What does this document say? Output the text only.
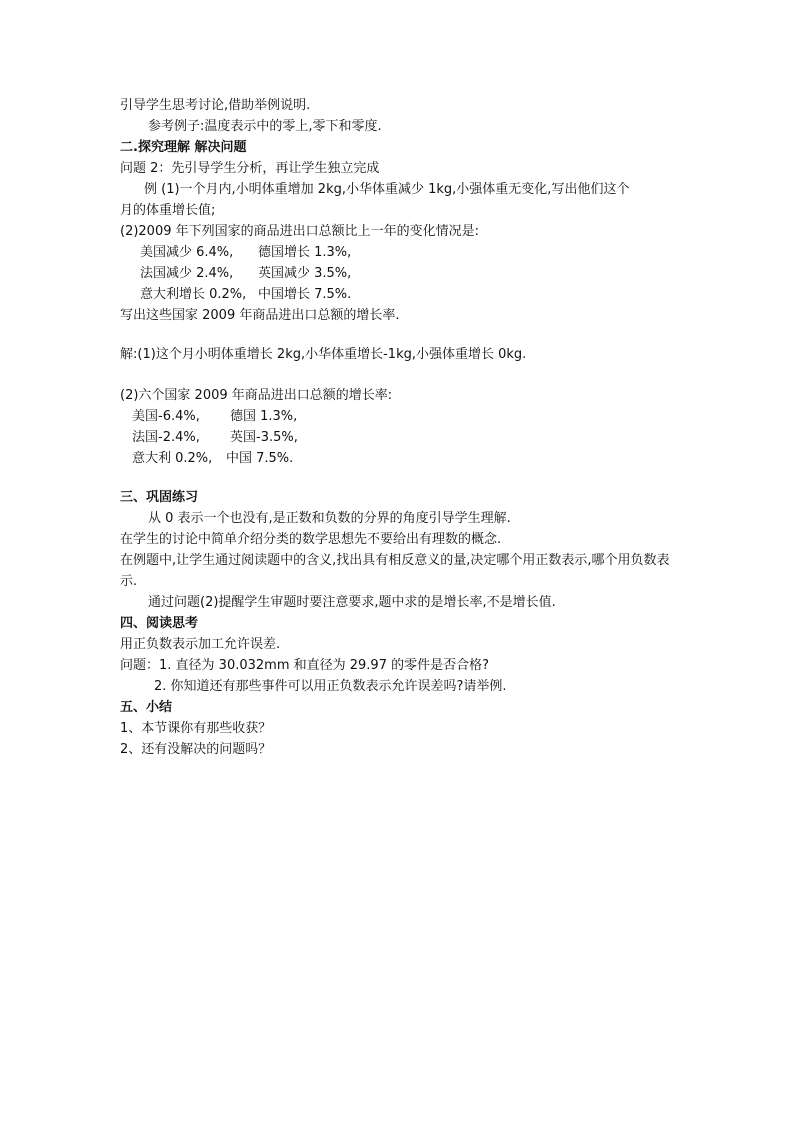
引导学生思考讨论,借助举例说明.
参考例子:温度表示中的零上,零下和零度.
二.探究理解 解决问题
问题 2：先引导学生分析，再让学生独立完成
例 (1)一个月内,小明体重增加 2kg,小华体重减少 1kg,小强体重无变化,写出他们这个
月的体重增长值;
(2)2009 年下列国家的商品进出口总额比上一年的变化情况是:
美国减少 6.4%, 德国增长 1.3%,
法国减少 2.4%, 英国减少 3.5%,
意大利增长 0.2%, 中国增长 7.5%.
写出这些国家 2009 年商品进出口总额的增长率.
解:(1)这个月小明体重增长 2kg,小华体重增长-1kg,小强体重增长 0kg.
(2)六个国家 2009 年商品进出口总额的增长率:
美国-6.4%, 德国 1.3%,
法国-2.4%, 英国-3.5%,
意大利 0.2%, 中国 7.5%.
三、巩固练习
从 0 表示一个也没有,是正数和负数的分界的角度引导学生理解.
在学生的讨论中简单介绍分类的数学思想先不要给出有理数的概念.
在例题中,让学生通过阅读题中的含义,找出具有相反意义的量,决定哪个用正数表示,哪个用负数表示.
通过问题(2)提醒学生审题时要注意要求,题中求的是增长率,不是增长值.
四、阅读思考
用正负数表示加工允许误差.
问题：1. 直径为 30.032mm 和直径为 29.97 的零件是否合格?
2. 你知道还有那些事件可以用正负数表示允许误差吗?请举例.
五、小结
1、本节课你有那些收获？
2、还有没解决的问题吗？
